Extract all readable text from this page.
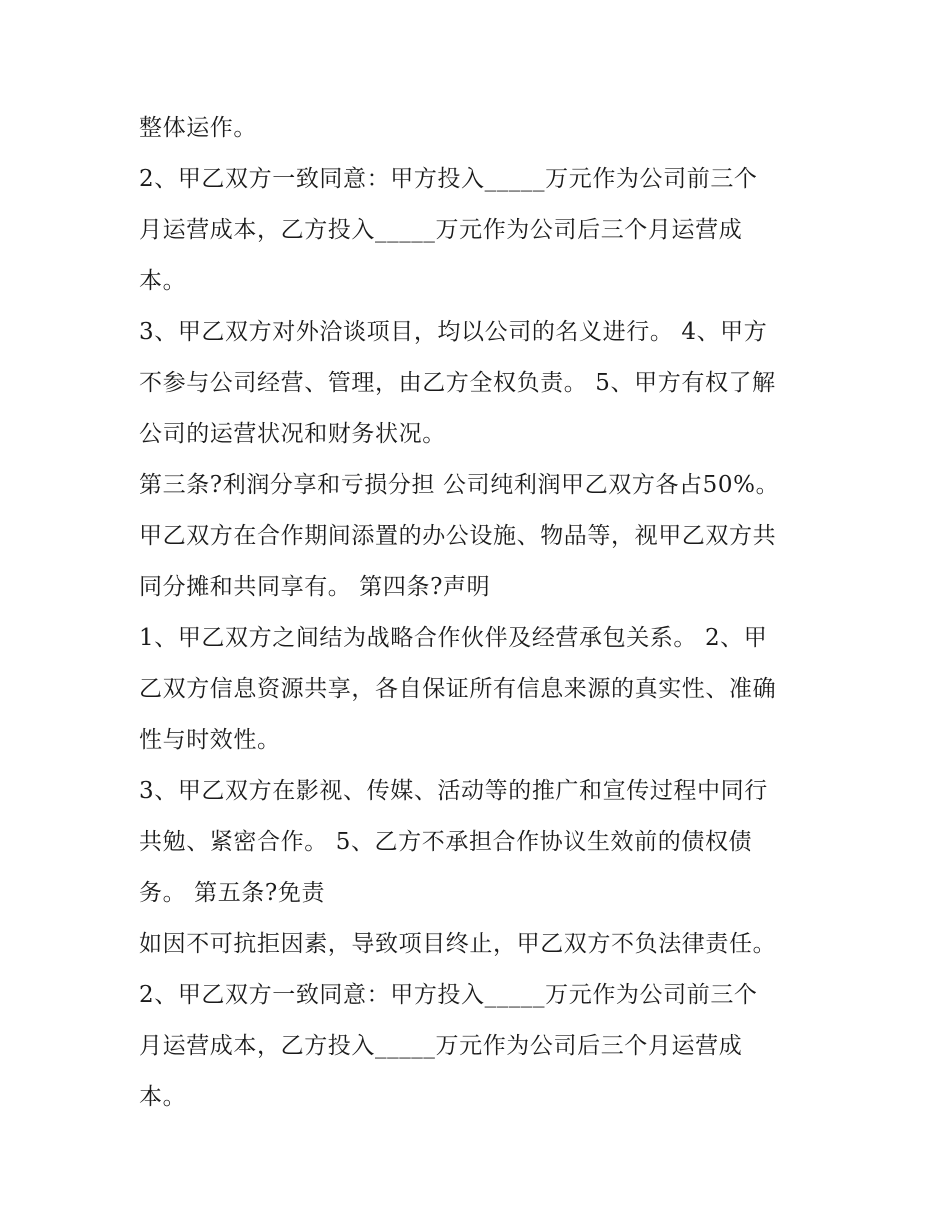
整体运作。
2、甲乙双方一致同意：甲方投入_____万元作为公司前三个
月运营成本，乙方投入_____万元作为公司后三个月运营成
本。
3、甲乙双方对外洽谈项目，均以公司的名义进行。 4、甲方
不参与公司经营、管理，由乙方全权负责。 5、甲方有权了解
公司的运营状况和财务状况。
第三条?利润分享和亏损分担 公司纯利润甲乙双方各占50%。
甲乙双方在合作期间添置的办公设施、物品等，视甲乙双方共
同分摊和共同享有。 第四条?声明
1、甲乙双方之间结为战略合作伙伴及经营承包关系。 2、甲
乙双方信息资源共享，各自保证所有信息来源的真实性、准确
性与时效性。
3、甲乙双方在影视、传媒、活动等的推广和宣传过程中同行
共勉、紧密合作。 5、乙方不承担合作协议生效前的债权债
务。 第五条?免责
如因不可抗拒因素，导致项目终止，甲乙双方不负法律责任。
2、甲乙双方一致同意：甲方投入_____万元作为公司前三个
月运营成本，乙方投入_____万元作为公司后三个月运营成
本。
